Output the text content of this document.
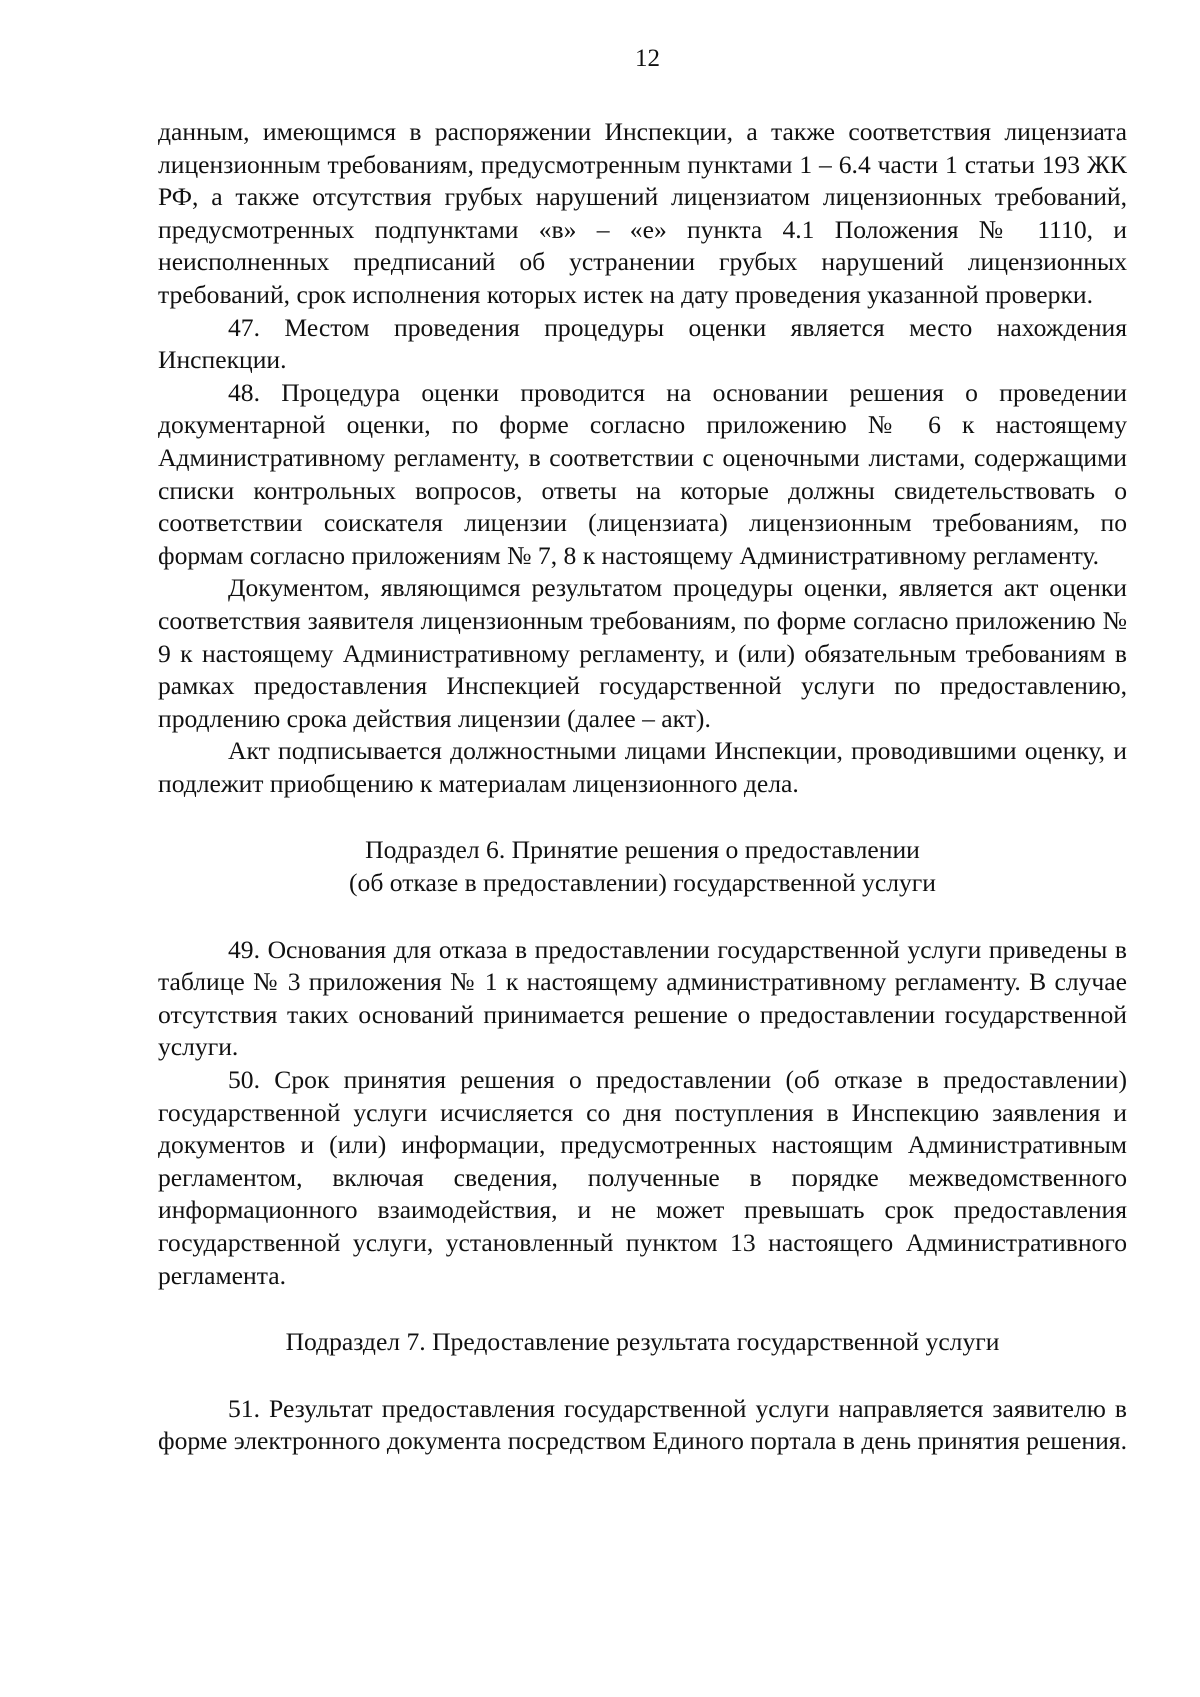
12

данным, имеющимся в распоряжении Инспекции, а также соответствия лицензиата лицензионным требованиям, предусмотренным пунктами 1 – 6.4 части 1 статьи 193 ЖК РФ, а также отсутствия грубых нарушений лицензиатом лицензионных требований, предусмотренных подпунктами «в» – «е» пункта 4.1 Положения № 1110, и неисполненных предписаний об устранении грубых нарушений лицензионных требований, срок исполнения которых истек на дату проведения указанной проверки.

47. Местом проведения процедуры оценки является место нахождения Инспекции.

48. Процедура оценки проводится на основании решения о проведении документарной оценки, по форме согласно приложению № 6 к настоящему Административному регламенту, в соответствии с оценочными листами, содержащими списки контрольных вопросов, ответы на которые должны свидетельствовать о соответствии соискателя лицензии (лицензиата) лицензионным требованиям, по формам согласно приложениям № 7, 8 к настоящему Административному регламенту.

Документом, являющимся результатом процедуры оценки, является акт оценки соответствия заявителя лицензионным требованиям, по форме согласно приложению № 9 к настоящему Административному регламенту, и (или) обязательным требованиям в рамках предоставления Инспекцией государственной услуги по предоставлению, продлению срока действия лицензии (далее – акт).

Акт подписывается должностными лицами Инспекции, проводившими оценку, и подлежит приобщению к материалам лицензионного дела.

Подраздел 6. Принятие решения о предоставлении
(об отказе в предоставлении) государственной услуги

49. Основания для отказа в предоставлении государственной услуги приведены в таблице № 3 приложения № 1 к настоящему административному регламенту. В случае отсутствия таких оснований принимается решение о предоставлении государственной услуги.

50. Срок принятия решения о предоставлении (об отказе в предоставлении) государственной услуги исчисляется со дня поступления в Инспекцию заявления и документов и (или) информации, предусмотренных настоящим Административным регламентом, включая сведения, полученные в порядке межведомственного информационного взаимодействия, и не может превышать срок предоставления государственной услуги, установленный пунктом 13 настоящего Административного регламента.

Подраздел 7. Предоставление результата государственной услуги

51. Результат предоставления государственной услуги направляется заявителю в форме электронного документа посредством Единого портала в день принятия решения.
